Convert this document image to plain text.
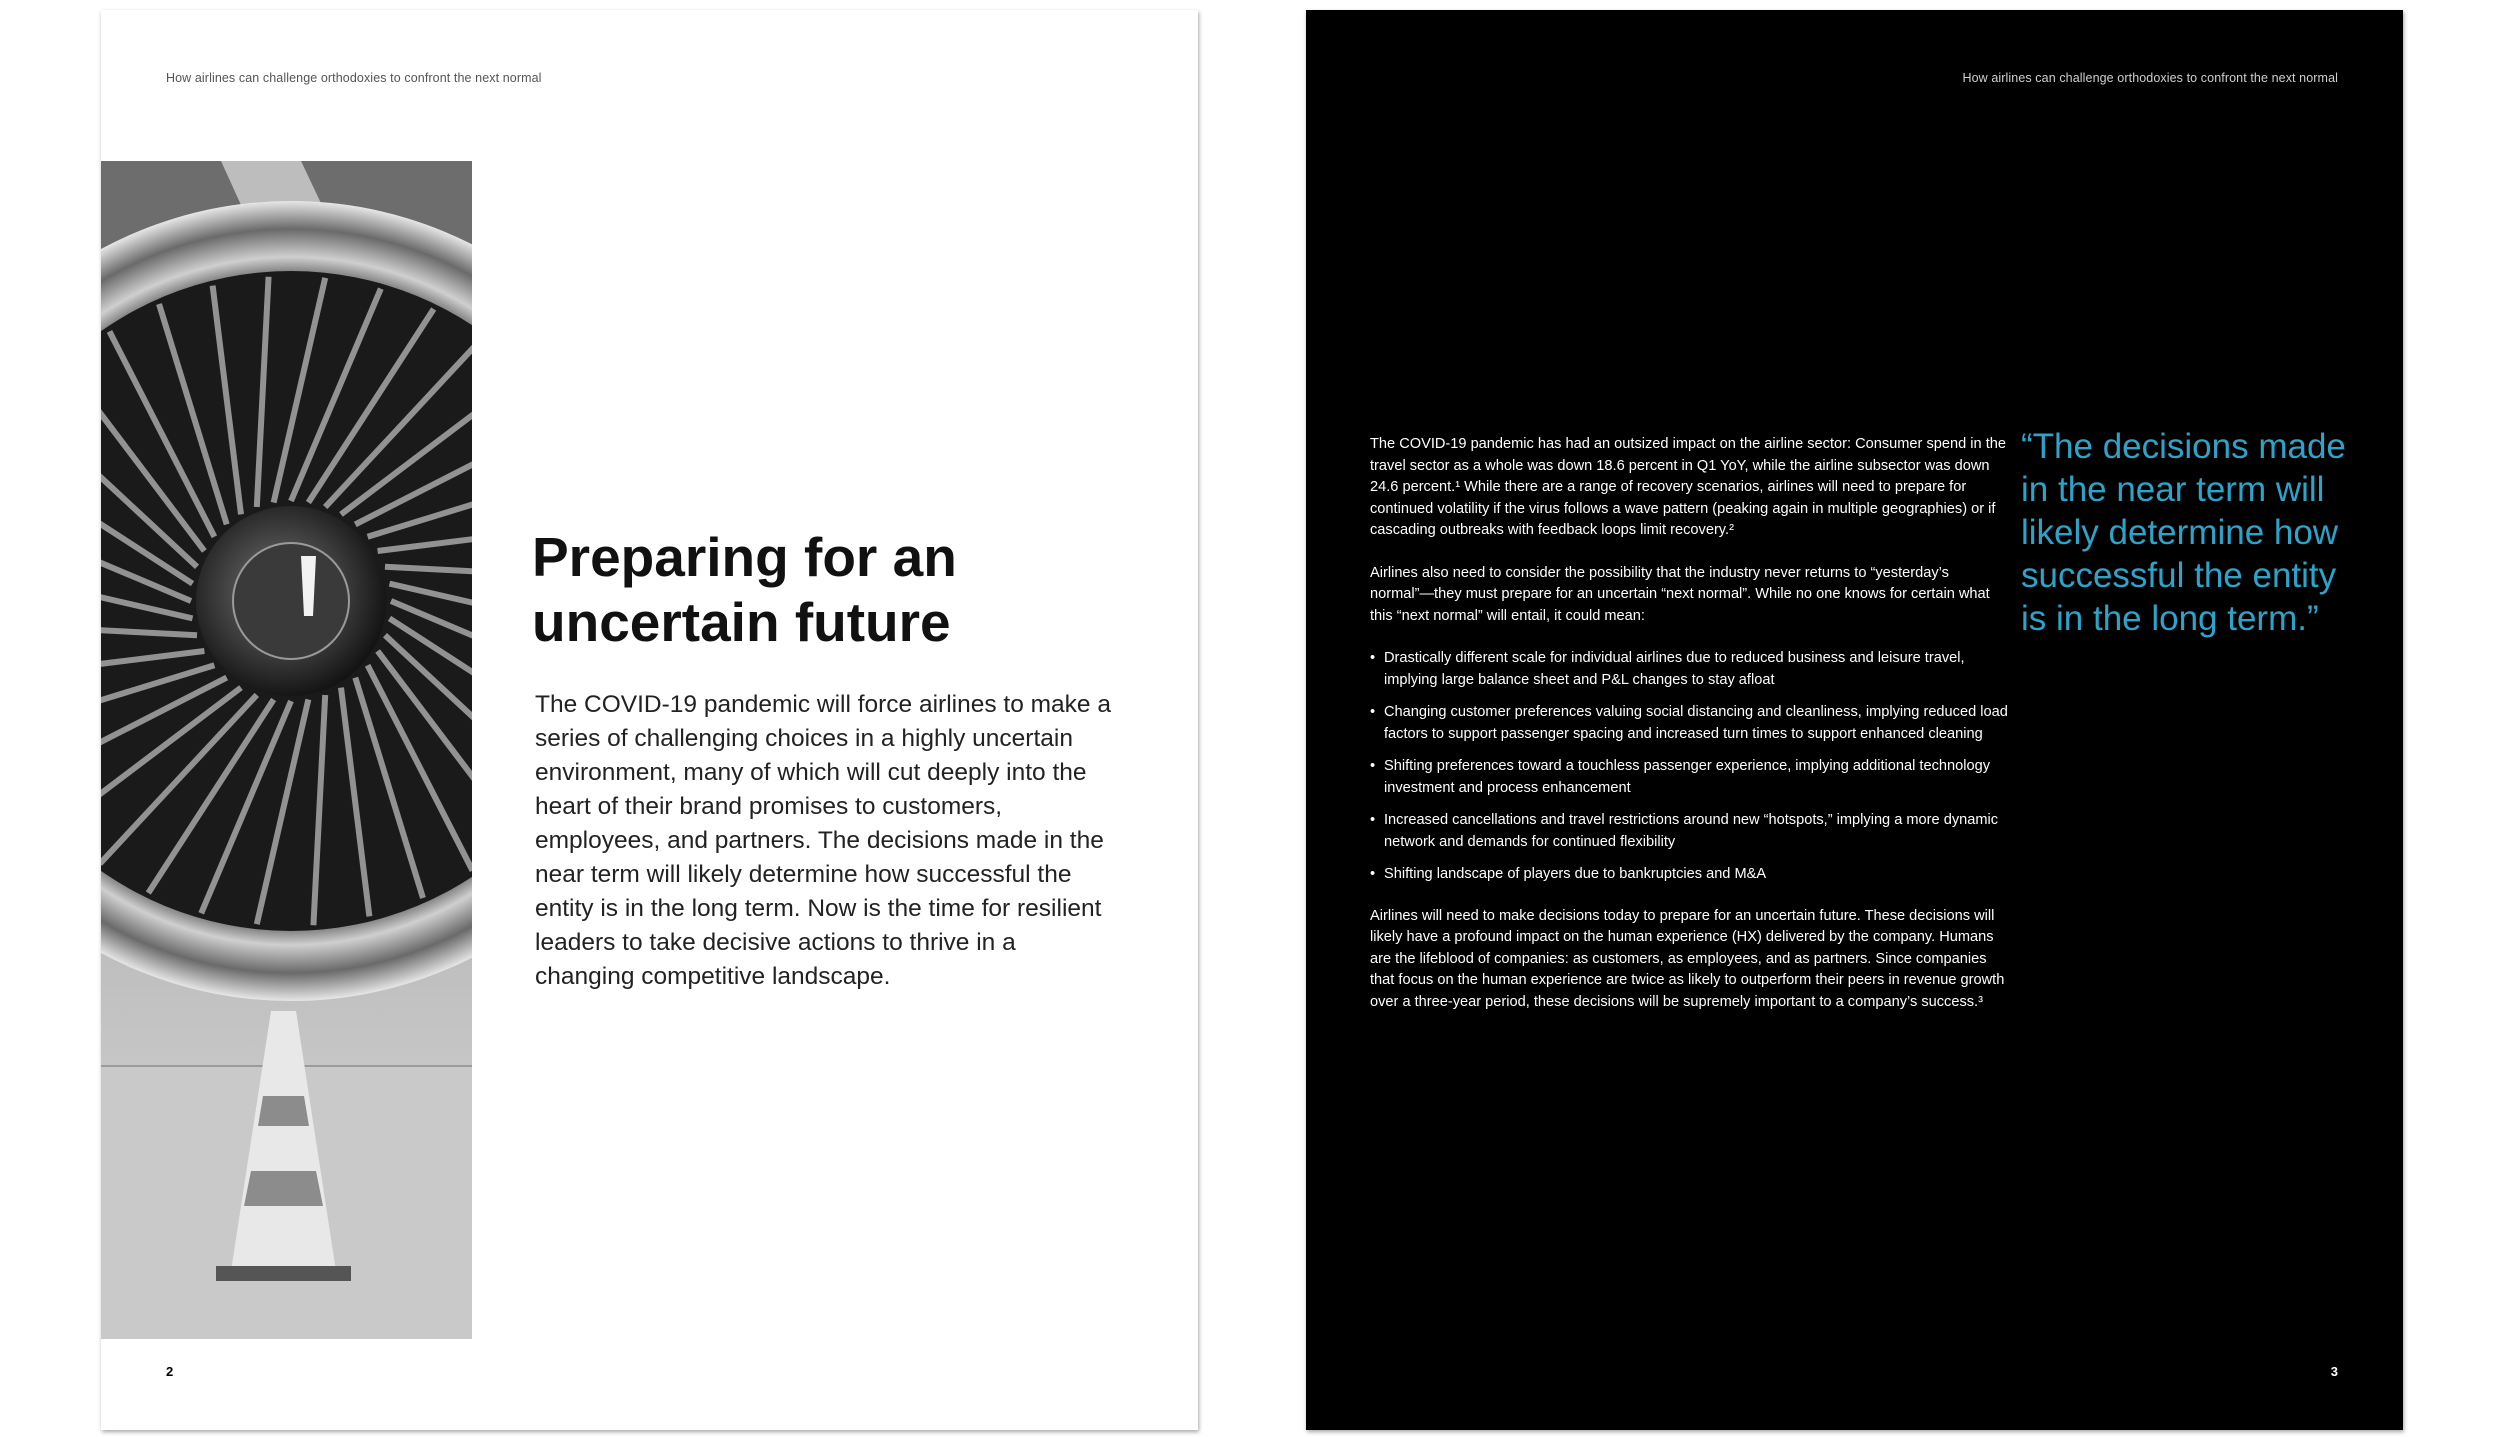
How airlines can challenge orthodoxies to confront the next normal
Preparing for an
uncertain future

The COVID-19 pandemic will force airlines to make a series of challenging choices in a highly uncertain environment, many of which will cut deeply into the heart of their brand promises to customers, employees, and partners. The decisions made in the near term will likely determine how successful the entity is in the long term. Now is the time for resilient leaders to take decisive actions to thrive in a changing competitive landscape.

2
How airlines can challenge orthodoxies to confront the next normal

The COVID-19 pandemic has had an outsized impact on the airline sector: Consumer spend in the travel sector as a whole was down 18.6 percent in Q1 YoY, while the airline subsector was down 24.6 percent.¹ While there are a range of recovery scenarios, airlines will need to prepare for continued volatility if the virus follows a wave pattern (peaking again in multiple geographies) or if cascading outbreaks with feedback loops limit recovery.²

Airlines also need to consider the possibility that the industry never returns to “yesterday’s normal”—they must prepare for an uncertain “next normal”. While no one knows for certain what this “next normal” will entail, it could mean:

• Drastically different scale for individual airlines due to reduced business and leisure travel, implying large balance sheet and P&L changes to stay afloat
• Changing customer preferences valuing social distancing and cleanliness, implying reduced load factors to support passenger spacing and increased turn times to support enhanced cleaning
• Shifting preferences toward a touchless passenger experience, implying additional technology investment and process enhancement
• Increased cancellations and travel restrictions around new “hotspots,” implying a more dynamic network and demands for continued flexibility
• Shifting landscape of players due to bankruptcies and M&A

Airlines will need to make decisions today to prepare for an uncertain future. These decisions will likely have a profound impact on the human experience (HX) delivered by the company. Humans are the lifeblood of companies: as customers, as employees, and as partners. Since companies that focus on the human experience are twice as likely to outperform their peers in revenue growth over a three-year period, these decisions will be supremely important to a company’s success.³

“The decisions made
in the near term will
likely determine how
successful the entity
is in the long term.”

3
